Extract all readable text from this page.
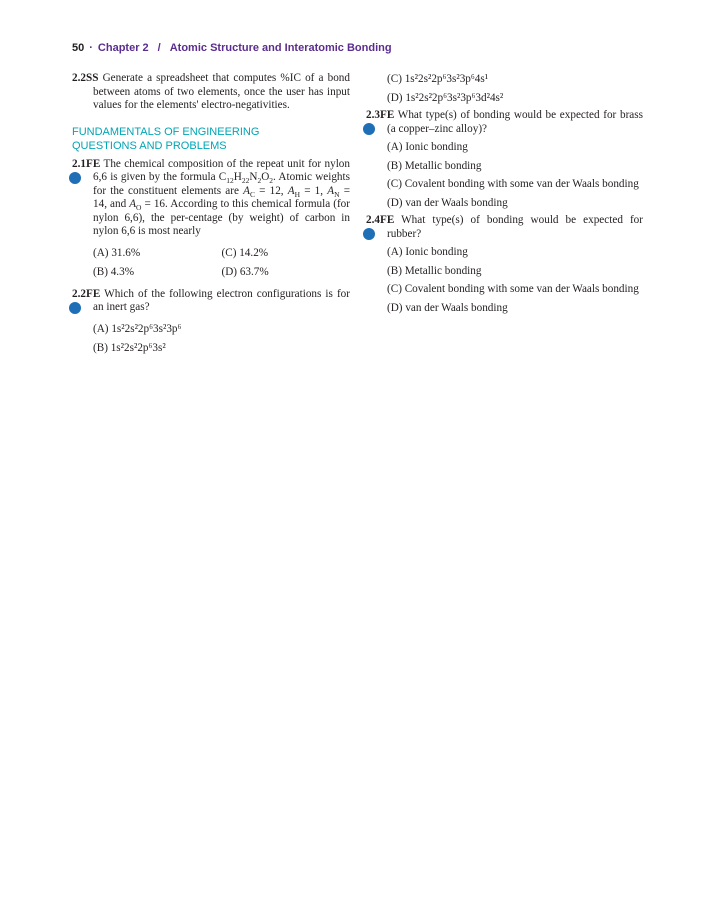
50 · Chapter 2 / Atomic Structure and Interatomic Bonding

2.2SS Generate a spreadsheet that computes %IC of a bond between atoms of two elements, once the user has input values for the elements' electro-negativities.

FUNDAMENTALS OF ENGINEERING

QUESTIONS AND PROBLEMS

+
2.1FE The chemical composition of the repeat unit for nylon 6,6 is given by the formula $C_{12}H_{22}N_2O_2$. Atomic weights for the constituent elements are $A_C = 12$, $A_H = 1$, $A_N = 14$, and $A_O = 16$. According to this chemical formula (for nylon 6,6), the per-centage (by weight) of carbon in nylon 6,6 is most nearly

(A) 31.6%	(C) 14.2%
(B) 4.3%	(D) 63.7%

+
2.2FE Which of the following electron configurations is for an inert gas?

(A) 1s²2s²2p⁶3s²3p⁶
(B) 1s²2s²2p⁶3s²
(C) 1s²2s²2p⁶3s²3p⁶4s¹
(D) 1s²2s²2p⁶3s²3p⁶3d²4s²

+
2.3FE What type(s) of bonding would be expected for brass (a copper–zinc alloy)?

(A) Ionic bonding
(B) Metallic bonding
(C) Covalent bonding with some van der Waals bonding
(D) van der Waals bonding

+
2.4FE What type(s) of bonding would be expected for rubber?

(A) Ionic bonding
(B) Metallic bonding
(C) Covalent bonding with some van der Waals bonding
(D) van der Waals bonding
